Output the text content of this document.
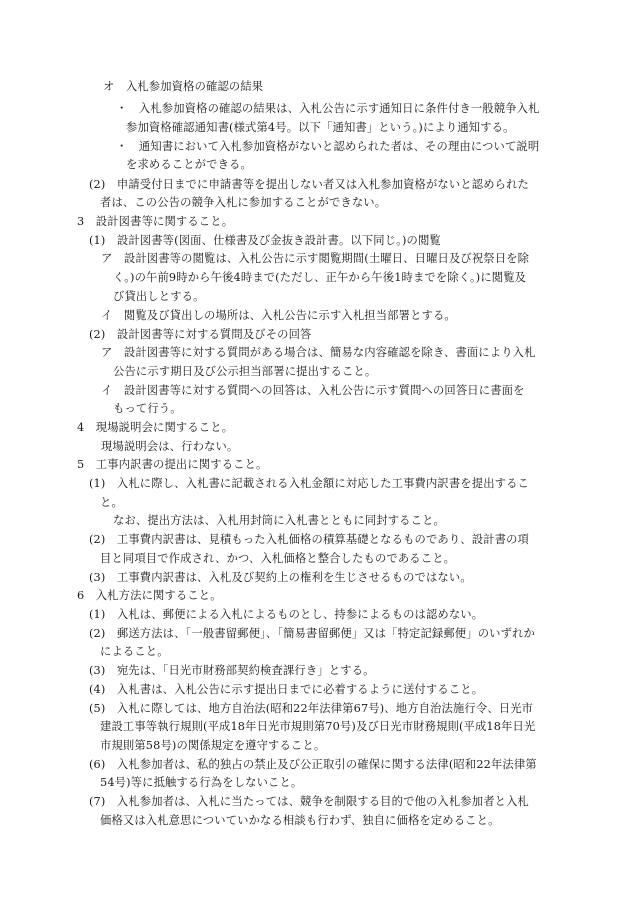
オ　入札参加資格の確認の結果
・　入札参加資格の確認の結果は、入札公告に示す通知日に条件付き一般競争入札
参加資格確認通知書(様式第4号。以下「通知書」という。)により通知する。
・　通知書において入札参加資格がないと認められた者は、その理由について説明
を求めることができる。
(2)　申請受付日までに申請書等を提出しない者又は入札参加資格がないと認められた
者は、この公告の競争入札に参加することができない。
3　設計図書等に関すること。
(1)　設計図書等(図面、仕様書及び金抜き設計書。以下同じ。)の閲覧
ア　設計図書等の閲覧は、入札公告に示す閲覧期間(土曜日、日曜日及び祝祭日を除
く。)の午前9時から午後4時まで(ただし、正午から午後1時までを除く。)に閲覧及
び貸出しとする。
イ　閲覧及び貸出しの場所は、入札公告に示す入札担当部署とする。
(2)　設計図書等に対する質問及びその回答
ア　設計図書等に対する質問がある場合は、簡易な内容確認を除き、書面により入札
公告に示す期日及び公示担当部署に提出すること。
イ　設計図書等に対する質問への回答は、入札公告に示す質問への回答日に書面を
もって行う。
4　現場説明会に関すること。
現場説明会は、行わない。
5　工事内訳書の提出に関すること。
(1)　入札に際し、入札書に記載される入札金額に対応した工事費内訳書を提出するこ
と。
なお、提出方法は、入札用封筒に入札書とともに同封すること。
(2)　工事費内訳書は、見積もった入札価格の積算基礎となるものであり、設計書の項
目と同項目で作成され、かつ、入札価格と整合したものであること。
(3)　工事費内訳書は、入札及び契約上の権利を生じさせるものではない。
6　入札方法に関すること。
(1)　入札は、郵便による入札によるものとし、持参によるものは認めない。
(2)　郵送方法は、「一般書留郵便」、「簡易書留郵便」又は「特定記録郵便」のいずれか
によること。
(3)　宛先は、「日光市財務部契約検査課行き」とする。
(4)　入札書は、入札公告に示す提出日までに必着するように送付すること。
(5)　入札に際しては、地方自治法(昭和22年法律第67号)、地方自治法施行令、日光市
建設工事等執行規則(平成18年日光市規則第70号)及び日光市財務規則(平成18年日光
市規則第58号)の関係規定を遵守すること。
(6)　入札参加者は、私的独占の禁止及び公正取引の確保に関する法律(昭和22年法律第
54号)等に抵触する行為をしないこと。
(7)　入札参加者は、入札に当たっては、競争を制限する目的で他の入札参加者と入札
価格又は入札意思についていかなる相談も行わず、独自に価格を定めること。
